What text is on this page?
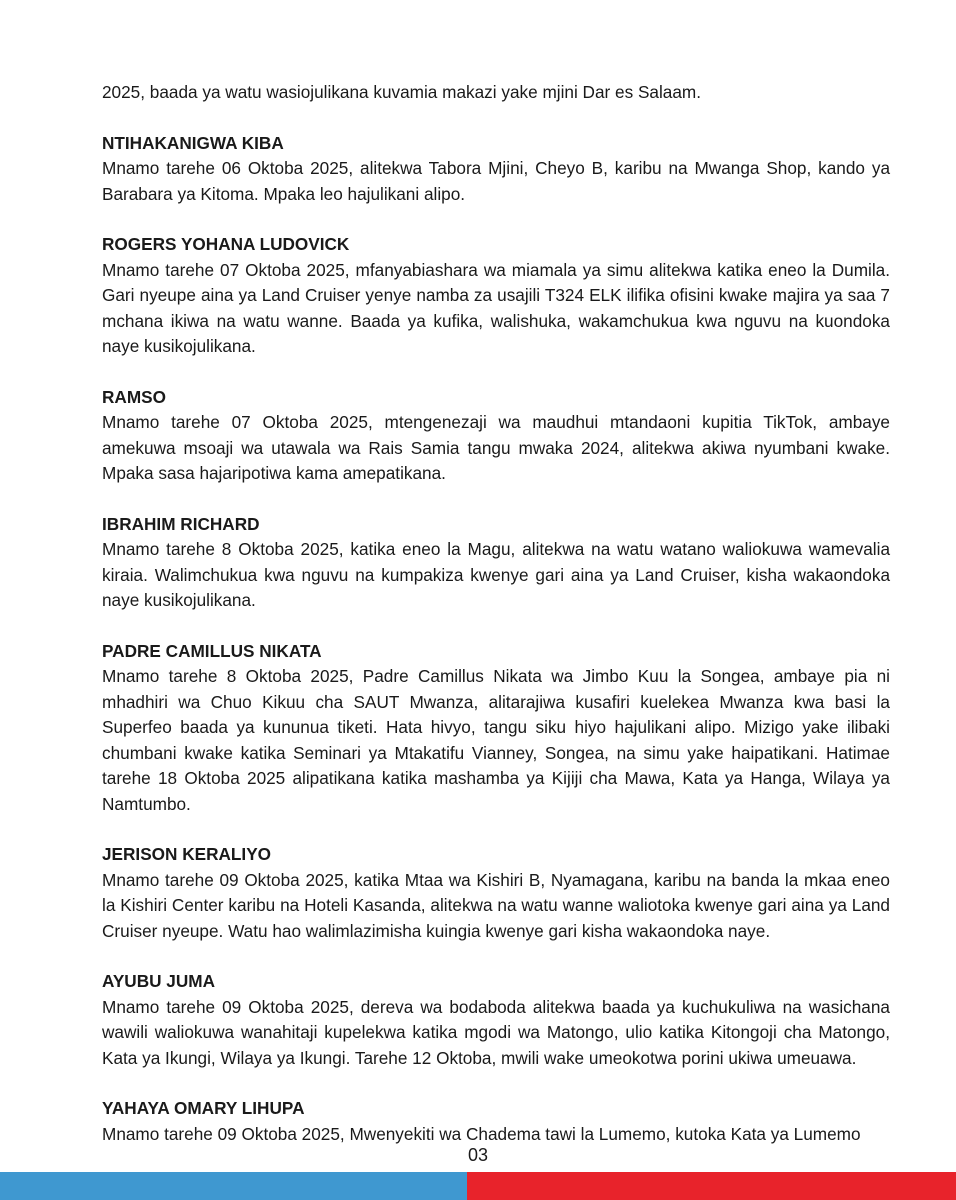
2025, baada ya watu wasiojulikana kuvamia makazi yake mjini Dar es Salaam.

NTIHAKANIGWA KIBA

Mnamo tarehe 06 Oktoba 2025, alitekwa Tabora Mjini, Cheyo B, karibu na Mwanga Shop, kando ya Barabara ya Kitoma. Mpaka leo hajulikani alipo.

ROGERS YOHANA LUDOVICK

Mnamo tarehe 07 Oktoba 2025, mfanyabiashara wa miamala ya simu alitekwa katika eneo la Dumila. Gari nyeupe aina ya Land Cruiser yenye namba za usajili T324 ELK ilifika ofisini kwake majira ya saa 7 mchana ikiwa na watu wanne. Baada ya kufika, walishuka, wakamchukua kwa nguvu na kuondoka naye kusikojulikana.

RAMSO

Mnamo tarehe 07 Oktoba 2025, mtengenezaji wa maudhui mtandaoni kupitia TikTok, ambaye amekuwa msoaji wa utawala wa Rais Samia tangu mwaka 2024, alitekwa akiwa nyumbani kwake. Mpaka sasa hajaripotiwa kama amepatikana.

IBRAHIM RICHARD

Mnamo tarehe 8 Oktoba 2025, katika eneo la Magu, alitekwa na watu watano waliokuwa wamevalia kiraia. Walimchukua kwa nguvu na kumpakiza kwenye gari aina ya Land Cruiser, kisha wakaondoka naye kusikojulikana.

PADRE CAMILLUS NIKATA

Mnamo tarehe 8 Oktoba 2025, Padre Camillus Nikata wa Jimbo Kuu la Songea, ambaye pia ni mhadhiri wa Chuo Kikuu cha SAUT Mwanza, alitarajiwa kusafiri kuelekea Mwanza kwa basi la Superfeo baada ya kununua tiketi. Hata hivyo, tangu siku hiyo hajulikani alipo. Mizigo yake ilibaki chumbani kwake katika Seminari ya Mtakatifu Vianney, Songea, na simu yake haipatikani. Hatimae tarehe 18 Oktoba 2025 alipatikana katika mashamba ya Kijiji cha Mawa, Kata ya Hanga, Wilaya ya Namtumbo.

JERISON KERALIYO

Mnamo tarehe 09 Oktoba 2025, katika Mtaa wa Kishiri B, Nyamagana, karibu na banda la mkaa eneo la Kishiri Center karibu na Hoteli Kasanda, alitekwa na watu wanne waliotoka kwenye gari aina ya Land Cruiser nyeupe. Watu hao walimlazimisha kuingia kwenye gari kisha wakaondoka naye.

AYUBU JUMA

Mnamo tarehe 09 Oktoba 2025, dereva wa bodaboda alitekwa baada ya kuchukuliwa na wasichana wawili waliokuwa wanahitaji kupelekwa katika mgodi wa Matongo, ulio katika Kitongoji cha Matongo, Kata ya Ikungi, Wilaya ya Ikungi. Tarehe 12 Oktoba, mwili wake umeokotwa porini ukiwa umeuawa.

YAHAYA OMARY LIHUPA

Mnamo tarehe 09 Oktoba 2025, Mwenyekiti wa Chadema tawi la Lumemo, kutoka Kata ya Lumemo

03
